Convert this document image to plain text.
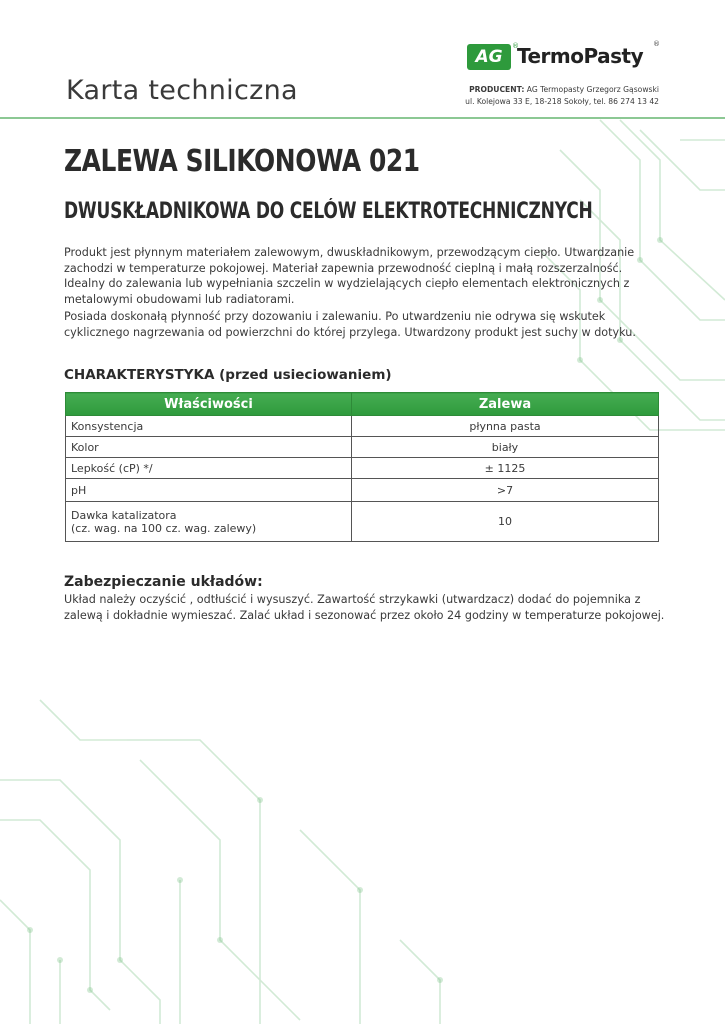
Karta techniczna
AG
®
TermoPasty ®
PRODUCENT: AG Termopasty Grzegorz Gąsowski
ul. Kolejowa 33 E, 18-218 Sokoły, tel. 86 274 13 42
ZALEWA SILIKONOWA 021
DWUSKŁADNIKOWA DO CELÓW ELEKTROTECHNICZNYCH
Produkt jest płynnym materiałem zalewowym, dwuskładnikowym, przewodzącym ciepło. Utwardzanie zachodzi w temperaturze pokojowej. Materiał zapewnia przewodność cieplną i małą rozszerzalność. Idealny do zalewania lub wypełniania szczelin w wydzielających ciepło elementach elektronicznych z metalowymi obudowami lub radiatorami.
Posiada doskonałą płynność przy dozowaniu i zalewaniu. Po utwardzeniu nie odrywa się wskutek cyklicznego nagrzewania od powierzchni do której przylega. Utwardzony produkt jest suchy w dotyku.
CHARAKTERYSTYKA (przed usieciowaniem)
Właściwości	Zalewa
Konsystencja	płynna pasta
Kolor	biały
Lepkość (cP) */	± 1125
pH	>7

Dawka katalizatora
(cz. wag. na 100 cz. wag. zalewy)	10
Zabezpieczanie układów:
Układ należy oczyścić , odtłuścić i wysuszyć. Zawartość strzykawki (utwardzacz) dodać do pojemnika z zalewą i dokładnie wymieszać. Zalać układ i sezonować przez około 24 godziny w temperaturze pokojowej.
